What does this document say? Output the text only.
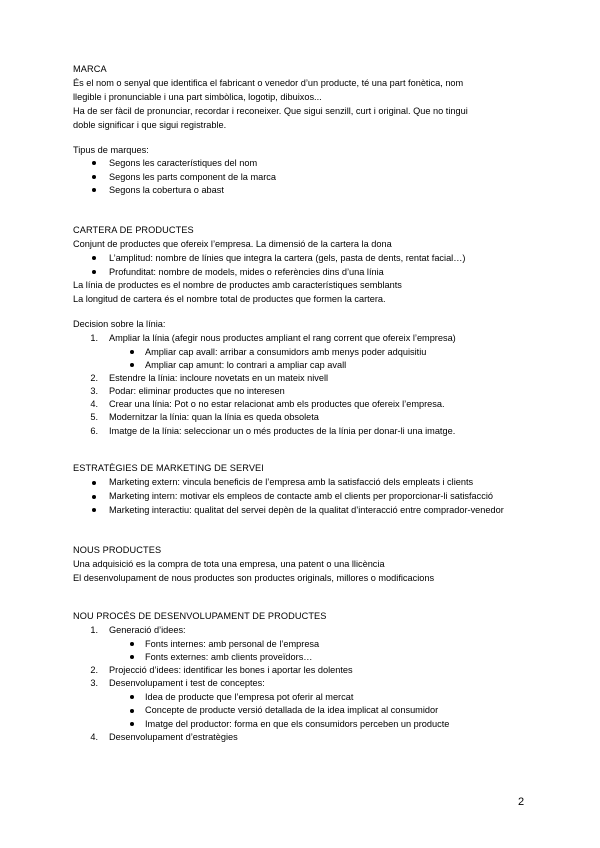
MARCA
És el nom o senyal que identifica el fabricant o venedor d’un producte, té una part fonètica, nom
llegible i pronunciable i una part simbòlica, logotip, dibuixos...
Ha de ser fàcil de pronunciar, recordar i reconeixer. Que sigui senzill, curt i original. Que no tingui
doble significar i que sigui registrable.
Tipus de marques:
Segons les característiques del nom
Segons les parts component de la marca
Segons la cobertura o abast
CARTERA DE PRODUCTES
Conjunt de productes que ofereix l’empresa. La dimensió de la cartera la dona
L’amplitud: nombre de línies que integra la cartera (gels, pasta de dents, rentat facial…)
Profunditat: nombre de models, mides o referències dins d’una línia
La línia de productes es el nombre de productes amb característiques semblants
La longitud de cartera és el nombre total de productes que formen la cartera.
Decision sobre la línia:
1. Ampliar la línia (afegir nous productes ampliant el rang corrent que ofereix l’empresa)
Ampliar cap avall: arribar a consumidors amb menys poder adquisitiu
Ampliar cap amunt: lo contrari a ampliar cap avall
2. Estendre la línia: incloure novetats en un mateix nivell
3. Podar: eliminar productes que no interesen
4. Crear una línia: Pot o no estar relacionat amb els productes que ofereix l’empresa.
5. Modernitzar la línia: quan la línia es queda obsoleta
6. Imatge de la línia: seleccionar un o més productes de la línia per donar-li una imatge.
ESTRATÈGIES DE MARKETING DE SERVEI
Marketing extern: vincula beneficis de l’empresa amb la satisfacció dels empleats i clients
Marketing intern: motivar els empleos de contacte amb el clients per proporcionar-li satisfacció
Marketing interactiu: qualitat del servei depèn de la qualitat d’interacció entre comprador-venedor
NOUS PRODUCTES
Una adquisició es la compra de tota una empresa, una patent o una llicència
El desenvolupament de nous productes son productes originals, millores o modificacions
NOU PROCÉS DE DESENVOLUPAMENT DE PRODUCTES
1. Generació d’idees:
Fonts internes: amb personal de l’empresa
Fonts externes: amb clients proveïdors…
2. Projecció d’idees: identificar les bones i aportar les dolentes
3. Desenvolupament i test de conceptes:
Idea de producte que l’empresa pot oferir al mercat
Concepte de producte versió detallada de la idea implicat al consumidor
Imatge del productor: forma en que els consumidors perceben un producte
4. Desenvolupament d’estratègies
2
